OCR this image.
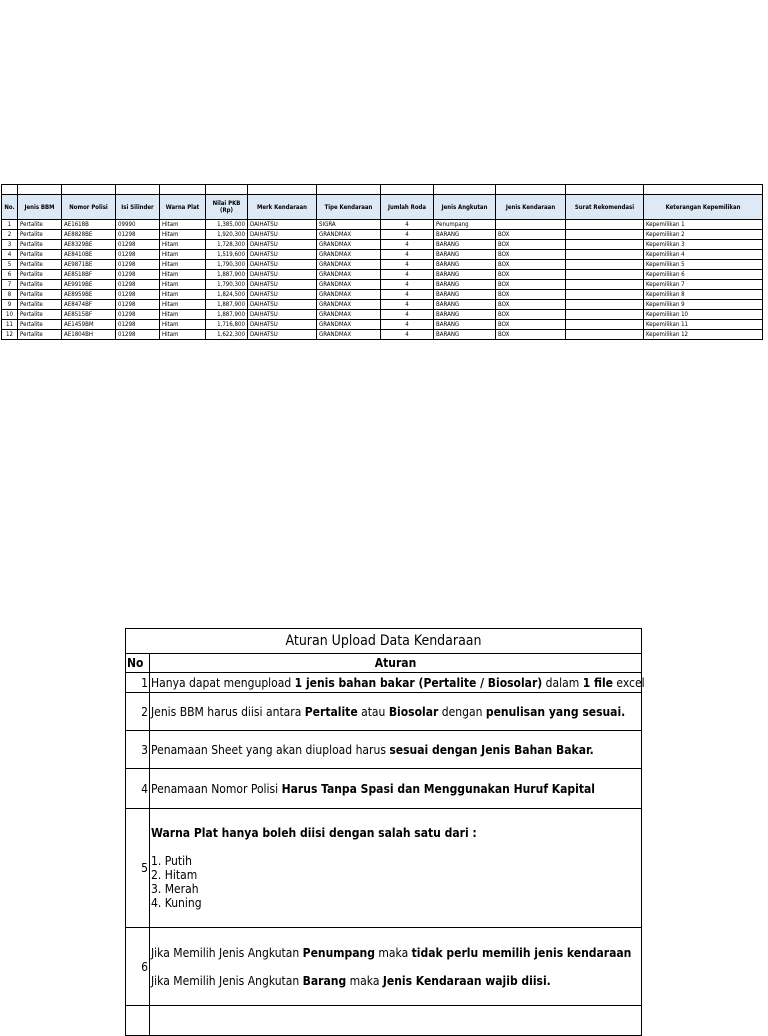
No.	Jenis BBM	Nomor Polisi	Isi Silinder	Warna Plat	Nilai PKB (Rp)	Merk Kendaraan	Tipe Kendaraan	Jumlah Roda	Jenis Angkutan	Jenis Kendaraan	Surat Rekomendasi	Keterangan Kepemilikan
1	Pertalite	AE1618B	09990	Hitam	1,385,000	DAIHATSU	SIGRA	4	Penumpang			Kepemilikan 1
2	Pertalite	AE8828BE	01298	Hitam	1,920,300	DAIHATSU	GRANDMAX	4	BARANG	BOX		Kepemilikan 2
3	Pertalite	AE8329BE	01298	Hitam	1,728,300	DAIHATSU	GRANDMAX	4	BARANG	BOX		Kepemilikan 3
4	Pertalite	AE8410BE	01298	Hitam	1,519,600	DAIHATSU	GRANDMAX	4	BARANG	BOX		Kepemilikan 4
5	Pertalite	AE9871BE	01298	Hitam	1,790,300	DAIHATSU	GRANDMAX	4	BARANG	BOX		Kepemilikan 5
6	Pertalite	AE8518BF	01298	Hitam	1,887,900	DAIHATSU	GRANDMAX	4	BARANG	BOX		Kepemilikan 6
7	Pertalite	AE9919BE	01298	Hitam	1,790,300	DAIHATSU	GRANDMAX	4	BARANG	BOX		Kepemilikan 7
8	Pertalite	AE8959BE	01298	Hitam	1,824,500	DAIHATSU	GRANDMAX	4	BARANG	BOX		Kepemilikan 8
9	Pertalite	AE8474BF	01298	Hitam	1,887,900	DAIHATSU	GRANDMAX	4	BARANG	BOX		Kepemilikan 9
10	Pertalite	AE8515BF	01298	Hitam	1,887,900	DAIHATSU	GRANDMAX	4	BARANG	BOX		Kepemilikan 10
11	Pertalite	AE1459BM	01298	Hitam	1,716,800	DAIHATSU	GRANDMAX	4	BARANG	BOX		Kepemilikan 11
12	Pertalite	AE1804BH	01298	Hitam	1,622,300	DAIHATSU	GRANDMAX	4	BARANG	BOX		Kepemilikan 12
Aturan Upload Data Kendaraan	
No	Aturan
1	Hanya dapat mengupload 1 jenis bahan bakar (Pertalite / Biosolar) dalam 1 file excel
2	Jenis BBM harus diisi antara Pertalite atau Biosolar dengan penulisan yang sesuai.
3	Penamaan Sheet yang akan diupload harus sesuai dengan Jenis Bahan Bakar.
4	Penamaan Nomor Polisi Harus Tanpa Spasi dan Menggunakan Huruf Kapital
5	Warna Plat hanya boleh diisi dengan salah satu dari :
1. Putih
2. Hitam
3. Merah
4. Kuning

6	Jika Memilih Jenis Angkutan Penumpang maka tidak perlu memilih jenis kendaraan
Jika Memilih Jenis Angkutan Barang maka Jenis Kendaraan wajib diisi.
